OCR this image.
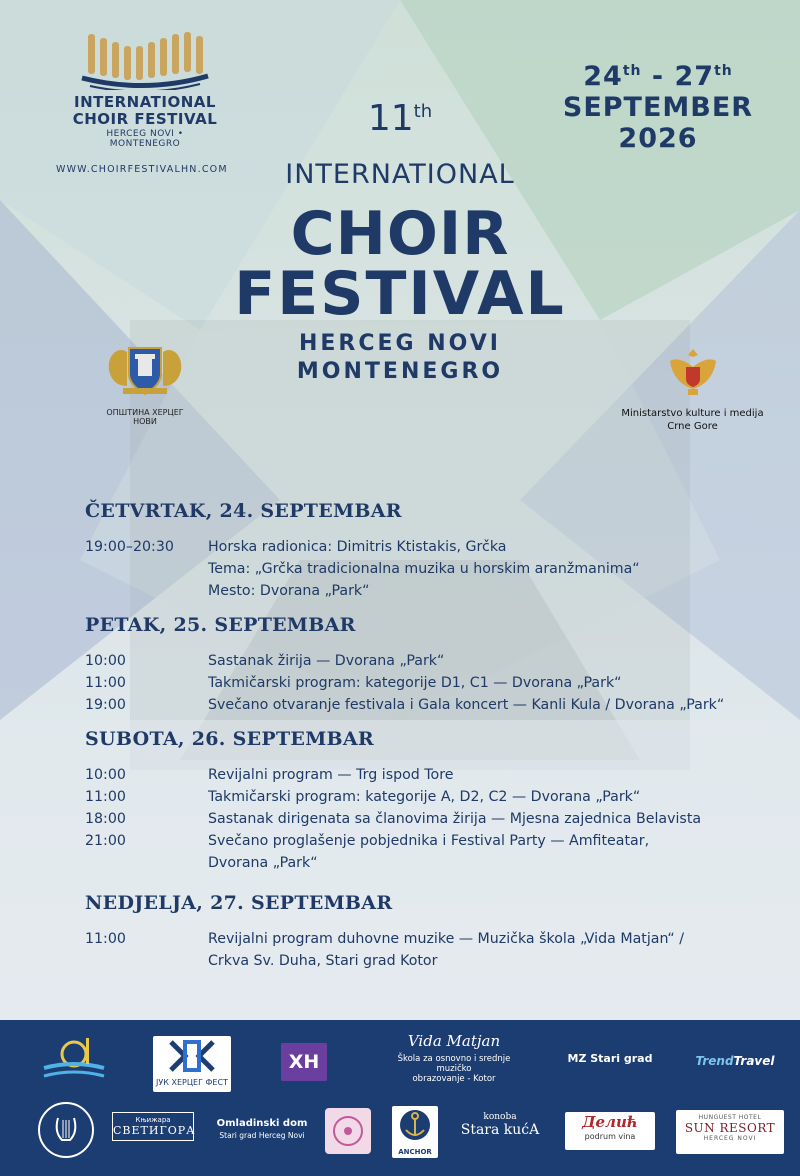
INTERNATIONAL
CHOIR FESTIVAL
HERCEG NOVI • MONTENEGRO
WWW.CHOIRFESTIVALHN.COM
24th - 27th
SEPTEMBER
2026
11th
INTERNATIONAL
CHOIR
FESTIVAL
HERCEG NOVI
MONTENEGRO
ОПШТИНА ХЕРЦЕГ НОВИ
Ministarstvo kulture i medija
Crne Gore
ČETVRTAK, 24. SEPTEMBAR
19:00–20:30	Horska radionica: Dimitris Ktistakis, Grčka
Tema: „Grčka tradicionalna muzika u horskim aranžmanima“
Mesto: Dvorana „Park“
PETAK, 25. SEPTEMBAR
10:00	Sastanak žirija — Dvorana „Park“
11:00	Takmičarski program: kategorije D1, C1 — Dvorana „Park“
19:00	Svečano otvaranje festivala i Gala koncert — Kanli Kula / Dvorana „Park“
SUBOTA, 26. SEPTEMBAR
10:00	Revijalni program — Trg ispod Tore
11:00	Takmičarski program: kategorije A, D2, C2 — Dvorana „Park“
18:00	Sastanak dirigenata sa članovima žirija — Mjesna zajednica Belavista
21:00	Svečano proglašenje pobjednika i Festival Party — Amfiteatar,
Dvorana „Park“
NEDJELJA, 27. SEPTEMBAR
11:00	Revijalni program duhovne muzike — Muzička škola „Vida Matjan“ /
Crkva Sv. Duha, Stari grad Kotor
ЈУК ХЕРЦЕГ ФЕСТ
XH
Vida Matjan
Škola za osnovno i srednje muzičko
obrazovanje - Kotor
MZ Stari grad	TrendTravel
Књижара
СВЕТИГОРА
Omladinski dom
Stari grad Herceg Novi
ANCHOR
konoba
Stara kućA	Делић
podrum vina
HUNGUEST HOTEL
SUN RESORT
HERCEG NOVI
